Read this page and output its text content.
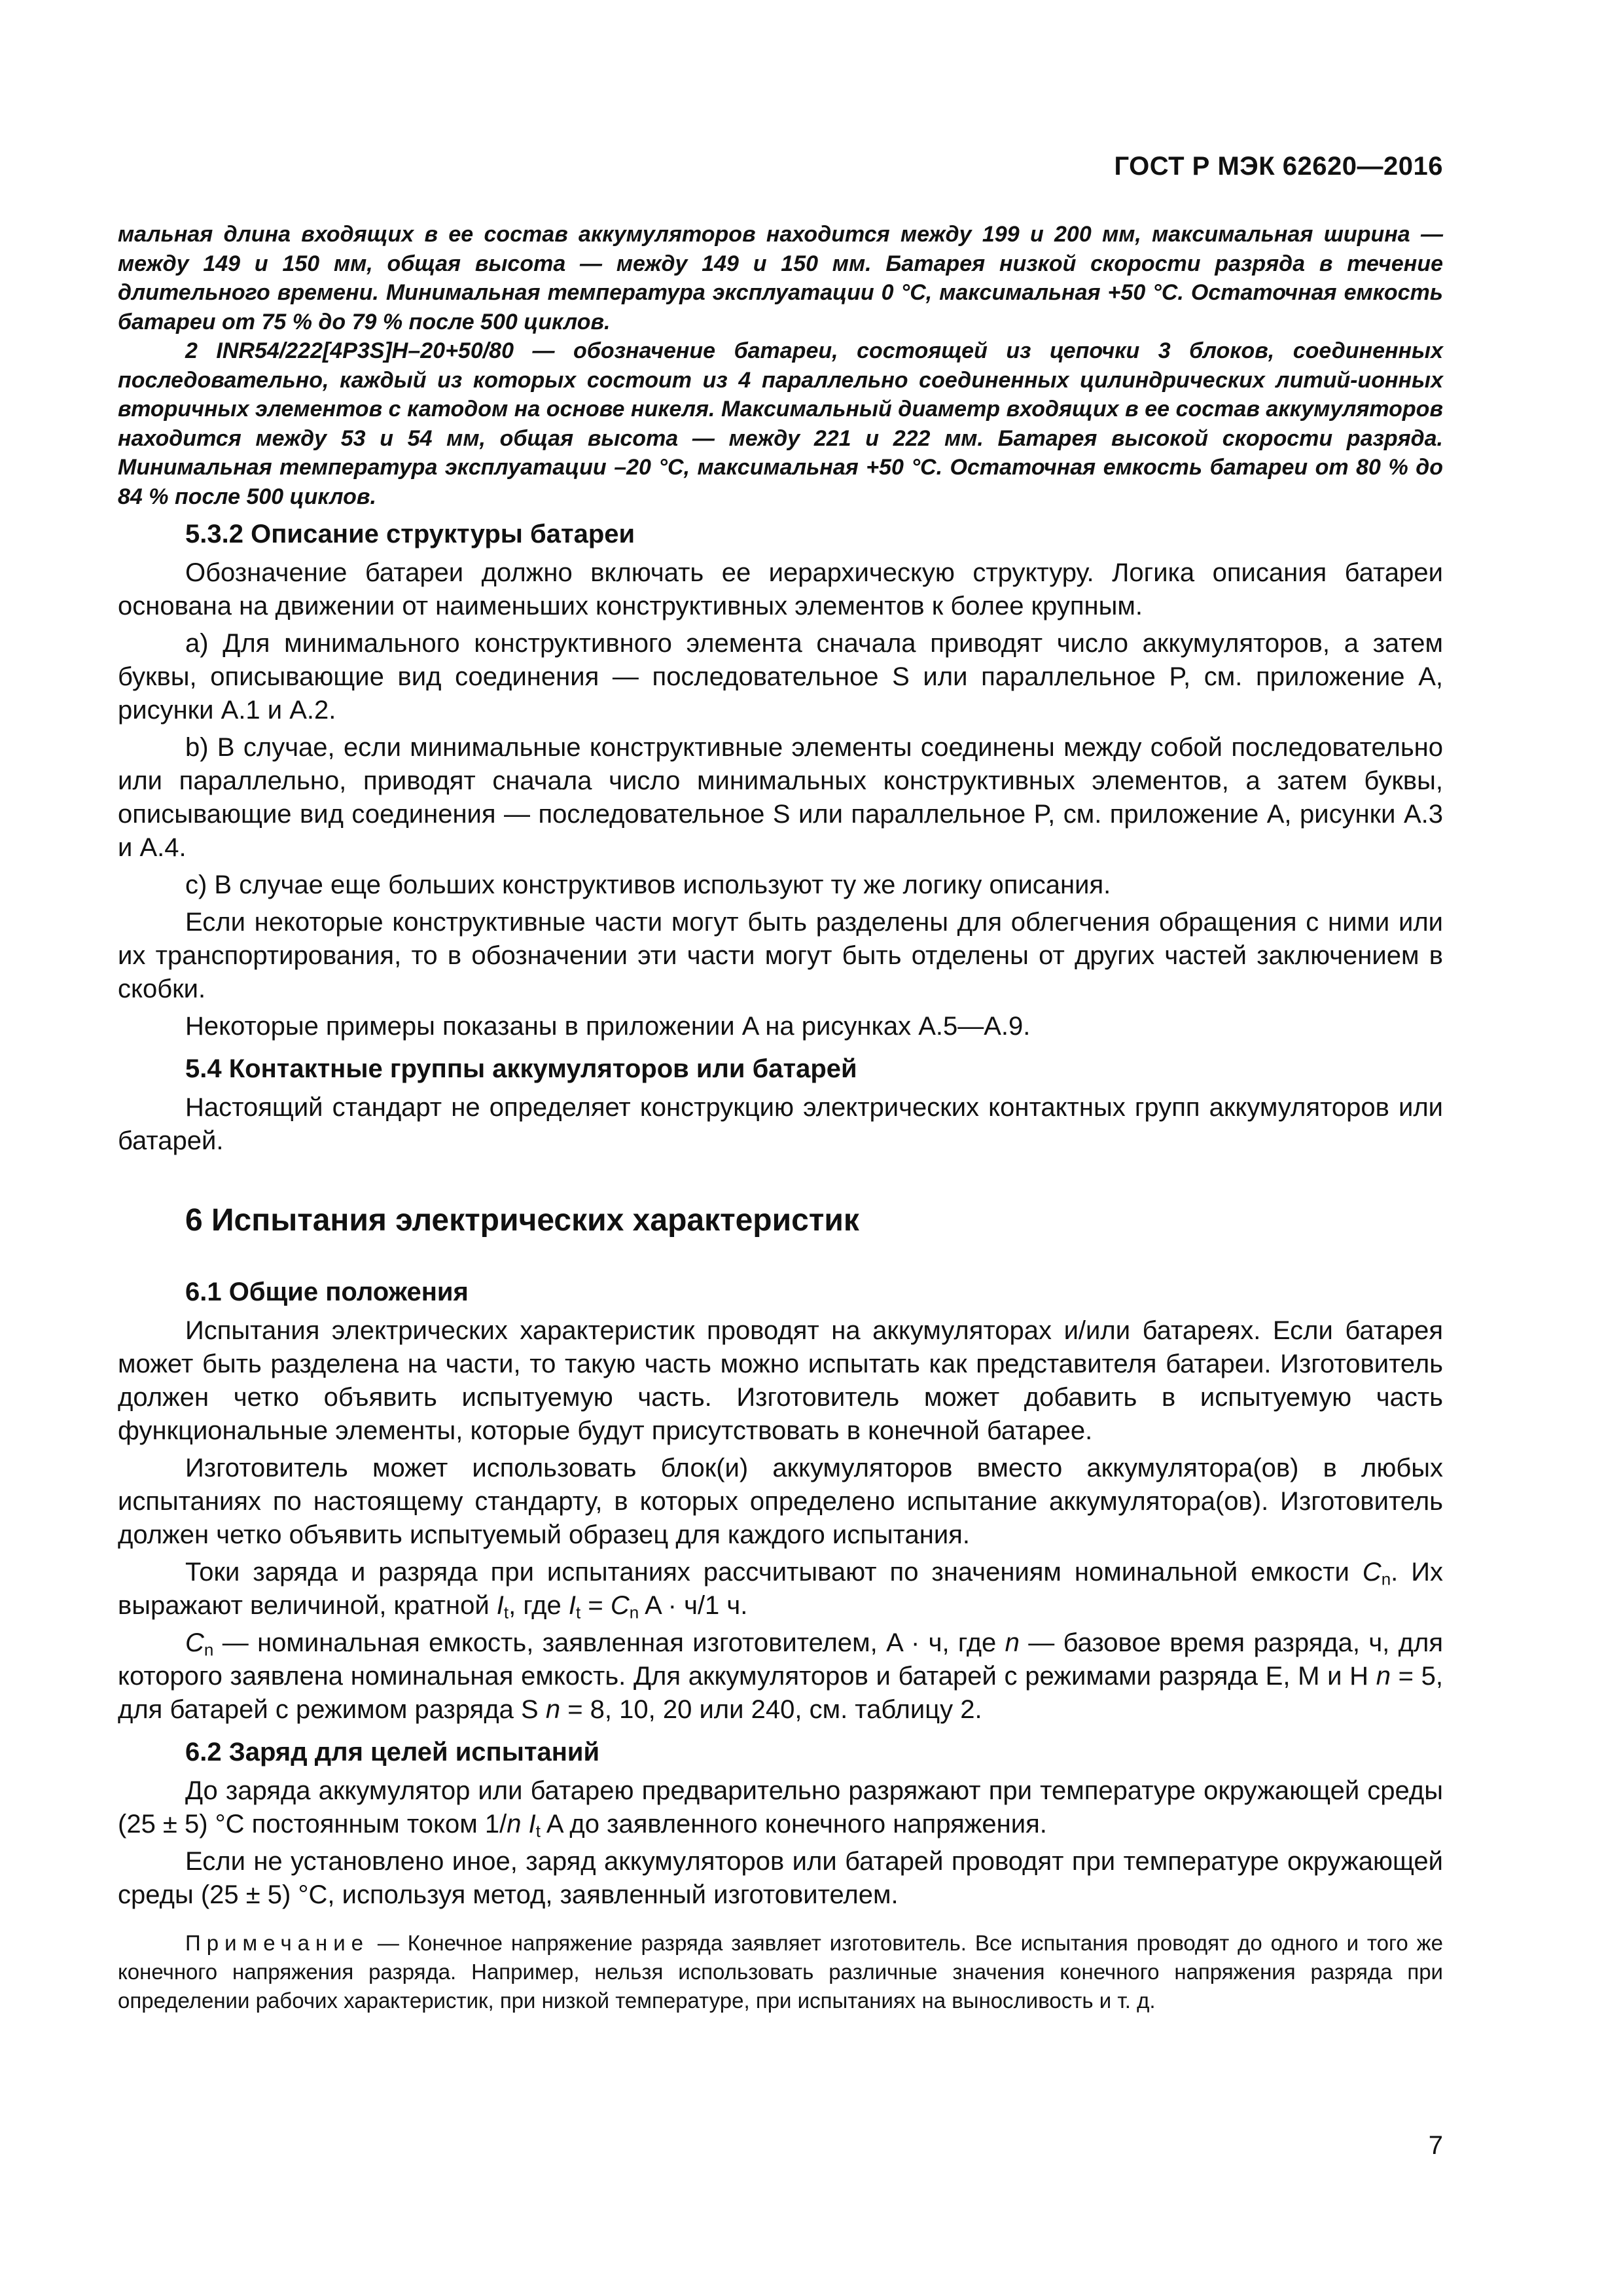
ГОСТ Р МЭК 62620—2016

мальная длина входящих в ее состав аккумуляторов находится между 199 и 200 мм, максимальная ширина — между 149 и 150 мм, общая высота — между 149 и 150 мм. Батарея низкой скорости разряда в течение длительного времени. Минимальная температура эксплуатации 0 °C, максимальная +50 °C. Остаточная емкость батареи от 75 % до 79 % после 500 циклов.

2 INR54/222[4P3S]H–20+50/80 — обозначение батареи, состоящей из цепочки 3 блоков, соединенных последовательно, каждый из которых состоит из 4 параллельно соединенных цилиндрических литий-ионных вторичных элементов с катодом на основе никеля. Максимальный диаметр входящих в ее состав аккумуляторов находится между 53 и 54 мм, общая высота — между 221 и 222 мм. Батарея высокой скорости разряда. Минимальная температура эксплуатации –20 °C, максимальная +50 °C. Остаточная емкость батареи от 80 % до 84 % после 500 циклов.

5.3.2 Описание структуры батареи

Обозначение батареи должно включать ее иерархическую структуру. Логика описания батареи основана на движении от наименьших конструктивных элементов к более крупным.

a) Для минимального конструктивного элемента сначала приводят число аккумуляторов, а затем буквы, описывающие вид соединения — последовательное S или параллельное P, см. приложение A, рисунки A.1 и A.2.

b) В случае, если минимальные конструктивные элементы соединены между собой последовательно или параллельно, приводят сначала число минимальных конструктивных элементов, а затем буквы, описывающие вид соединения — последовательное S или параллельное P, см. приложение A, рисунки A.3 и A.4.

c) В случае еще больших конструктивов используют ту же логику описания.

Если некоторые конструктивные части могут быть разделены для облегчения обращения с ними или их транспортирования, то в обозначении эти части могут быть отделены от других частей заключением в скобки.

Некоторые примеры показаны в приложении A на рисунках A.5—A.9.

5.4 Контактные группы аккумуляторов или батарей

Настоящий стандарт не определяет конструкцию электрических контактных групп аккумуляторов или батарей.

6 Испытания электрических характеристик
6.1 Общие положения

Испытания электрических характеристик проводят на аккумуляторах и/или батареях. Если батарея может быть разделена на части, то такую часть можно испытать как представителя батареи. Изготовитель должен четко объявить испытуемую часть. Изготовитель может добавить в испытуемую часть функциональные элементы, которые будут присутствовать в конечной батарее.

Изготовитель может использовать блок(и) аккумуляторов вместо аккумулятора(ов) в любых испытаниях по настоящему стандарту, в которых определено испытание аккумулятора(ов). Изготовитель должен четко объявить испытуемый образец для каждого испытания.

Токи заряда и разряда при испытаниях рассчитывают по значениям номинальной емкости $C_n$. Их выражают величиной, кратной $I_t$, где $I_t = C_n$ A · ч/1 ч.

$C_n$ — номинальная емкость, заявленная изготовителем, A · ч, где n — базовое время разряда, ч, для которого заявлена номинальная емкость. Для аккумуляторов и батарей с режимами разряда E, M и H n = 5, для батарей с режимом разряда S n = 8, 10, 20 или 240, см. таблицу 2.

6.2 Заряд для целей испытаний

До заряда аккумулятор или батарею предварительно разряжают при температуре окружающей среды (25 ± 5) °C постоянным током 1/n $I_t$ A до заявленного конечного напряжения.

Если не установлено иное, заряд аккумуляторов или батарей проводят при температуре окружающей среды (25 ± 5) °C, используя метод, заявленный изготовителем.

Примечание — Конечное напряжение разряда заявляет изготовитель. Все испытания проводят до одного и того же конечного напряжения разряда. Например, нельзя использовать различные значения конечного напряжения разряда при определении рабочих характеристик, при низкой температуре, при испытаниях на выносливость и т. д.

7
